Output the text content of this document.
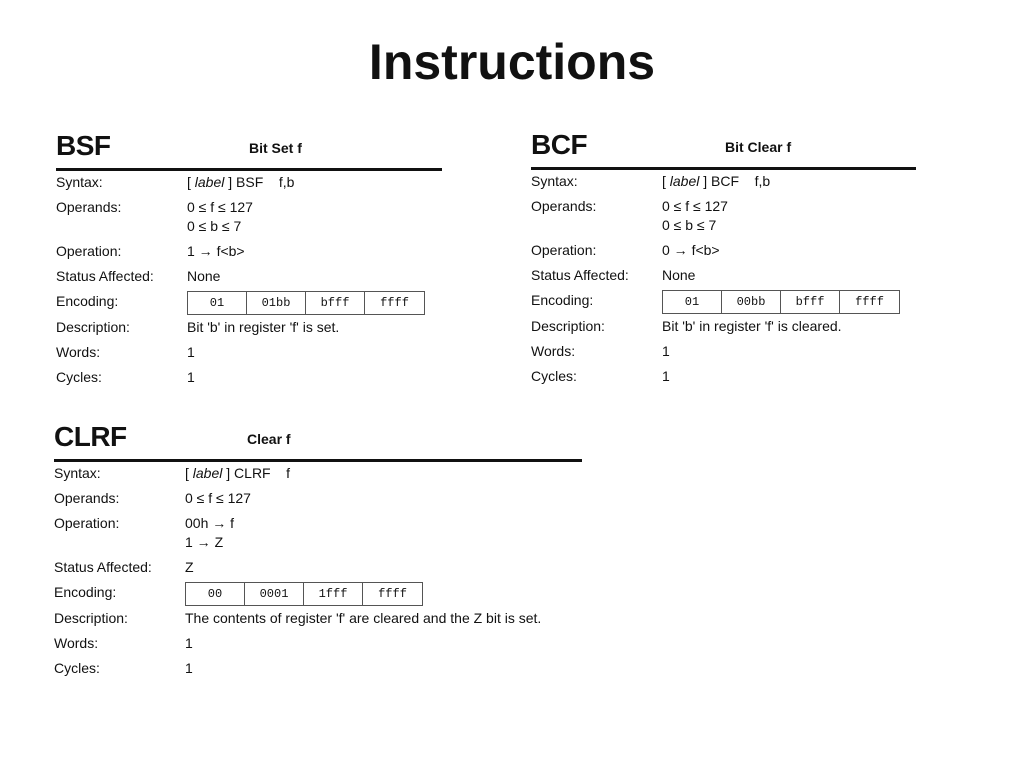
Instructions
BSF	Bit Set f
Syntax:	[ label ] BSF f,b
Operands:	0 ≤ f ≤ 127
0 ≤ b ≤ 7
Operation:	1 → f<b>
Status Affected: None
Encoding:	01	01bb	bfff	ffff
Description:	Bit 'b' in register 'f' is set.
Words:	1
Cycles:	1
BCF	Bit Clear f
Syntax:	[ label ] BCF f,b
Operands:	0 ≤ f ≤ 127
0 ≤ b ≤ 7
Operation:	0 → f<b>
Status Affected: None
Encoding:	01	00bb	bfff	ffff
Description:	Bit 'b' in register 'f' is cleared.
Words:	1
Cycles:	1
CLRF	Clear f
Syntax:	[ label ] CLRF f
Operands:	0 ≤ f ≤ 127
Operation:	00h → f
1 → Z
Status Affected: Z
Encoding:	00	0001	1fff	ffff
Description:	The contents of register 'f' are cleared and the Z bit is set.
Words:	1
Cycles:	1
